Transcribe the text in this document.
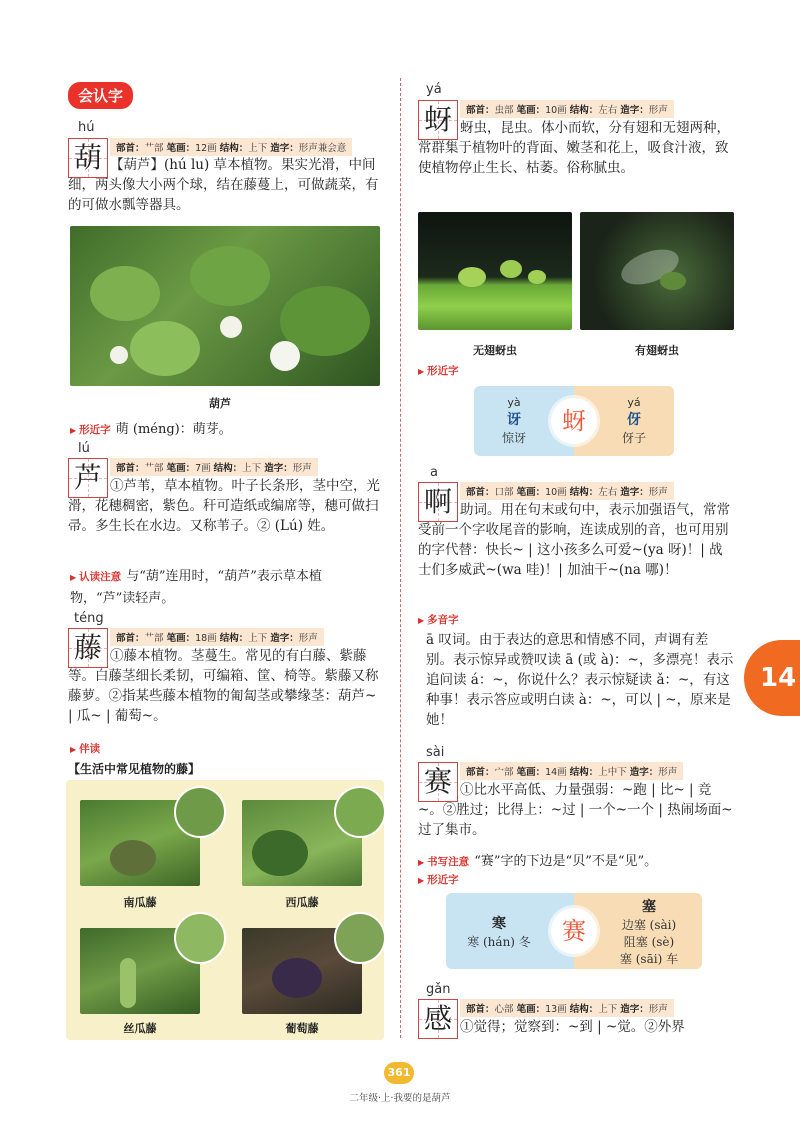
会认字
hú
葫	部首：艹部 笔画：12画 结构：上下 造字：形声兼会意
【葫芦】(hú lu) 草本植物。果实光滑，中间细，两头像大小两个球，结在藤蔓上，可做蔬菜，有的可做水瓢等器具。
葫芦
▶ 形近字 萌 (méng)：萌芽。
lú
芦	部首：艹部 笔画：7画 结构：上下 造字：形声
①芦苇，草本植物。叶子长条形，茎中空，光滑，花穗稠密，紫色。秆可造纸或编席等，穗可做扫帚。多生长在水边。又称苇子。② (Lú) 姓。
▶ 认读注意 与“葫”连用时，“葫芦”表示草本植物，“芦”读轻声。
téng
藤	部首：艹部 笔画：18画 结构：上下 造字：形声
①藤本植物。茎蔓生。常见的有白藤、紫藤等。白藤茎细长柔韧，可编箱、筐、椅等。紫藤又称藤萝。②指某些藤本植物的匍匐茎或攀缘茎：葫芦~ | 瓜~ | 葡萄~。
▶ 伴读
【生活中常见植物的藤】
南瓜藤	西瓜藤
丝瓜藤	葡萄藤
yá
蚜	部首：虫部 笔画：10画 结构：左右 造字：形声
蚜虫，昆虫。体小而软，分有翅和无翅两种，常群集于植物叶的背面、嫩茎和花上，吸食汁液，致使植物停止生长、枯萎。俗称腻虫。
无翅蚜虫	有翅蚜虫
▶ 形近字
yà
讶
惊讶
yá
伢
伢子
蚜
a
啊	部首：口部 笔画：10画 结构：左右 造字：形声
助词。用在句末或句中，表示加强语气，常常受前一个字收尾音的影响，连读成别的音，也可用别的字代替：快长~ | 这小孩多么可爱~(ya 呀)！| 战士们多威武~(wa 哇)！| 加油干~(na 哪)！
▶ 多音字
ā 叹词。由于表达的意思和情感不同，声调有差别。表示惊异或赞叹读 ā (或 à)：~，多漂亮！表示追问读 á：~，你说什么？表示惊疑读 ǎ：~，有这种事！表示答应或明白读 à：~，可以 | ~，原来是她！
sài
赛	部首：宀部 笔画：14画 结构：上中下 造字：形声
①比水平高低、力量强弱：~跑 | 比~ | 竞~。②胜过；比得上：~过 | 一个~一个 | 热闹场面~过了集市。
▶ 书写注意 “赛”字的下边是“贝”不是“见”。
▶ 形近字
寒
寒 (hán) 冬
塞
边塞 (sài)
阻塞 (sè)
塞 (sāi) 车
赛
gǎn
感	部首：心部 笔画：13画 结构：上下 造字：形声
①觉得；觉察到：~到 | ~觉。②外界
14
361
二年级·上·我要的是葫芦
